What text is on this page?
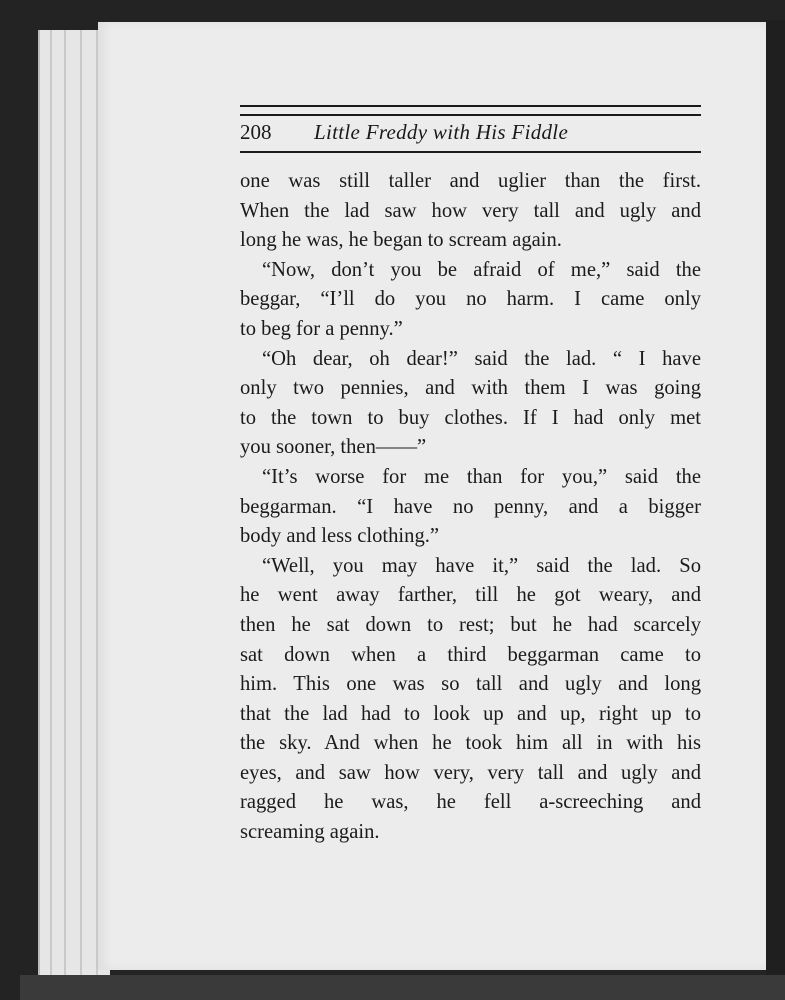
208 Little Freddy with His Fiddle
one was still taller and uglier than the first.
When the lad saw how very tall and ugly and
long he was, he began to scream again.
“Now, don’t you be afraid of me,” said the
beggar, “I’ll do you no harm. I came only
to beg for a penny.”
“Oh dear, oh dear!” said the lad. “ I have
only two pennies, and with them I was going
to the town to buy clothes. If I had only met
you sooner, then——”
“It’s worse for me than for you,” said the
beggarman. “I have no penny, and a bigger
body and less clothing.”
“Well, you may have it,” said the lad. So
he went away farther, till he got weary, and
then he sat down to rest; but he had scarcely
sat down when a third beggarman came to
him. This one was so tall and ugly and long
that the lad had to look up and up, right up to
the sky. And when he took him all in with his
eyes, and saw how very, very tall and ugly and
ragged he was, he fell a-screeching and
screaming again.
